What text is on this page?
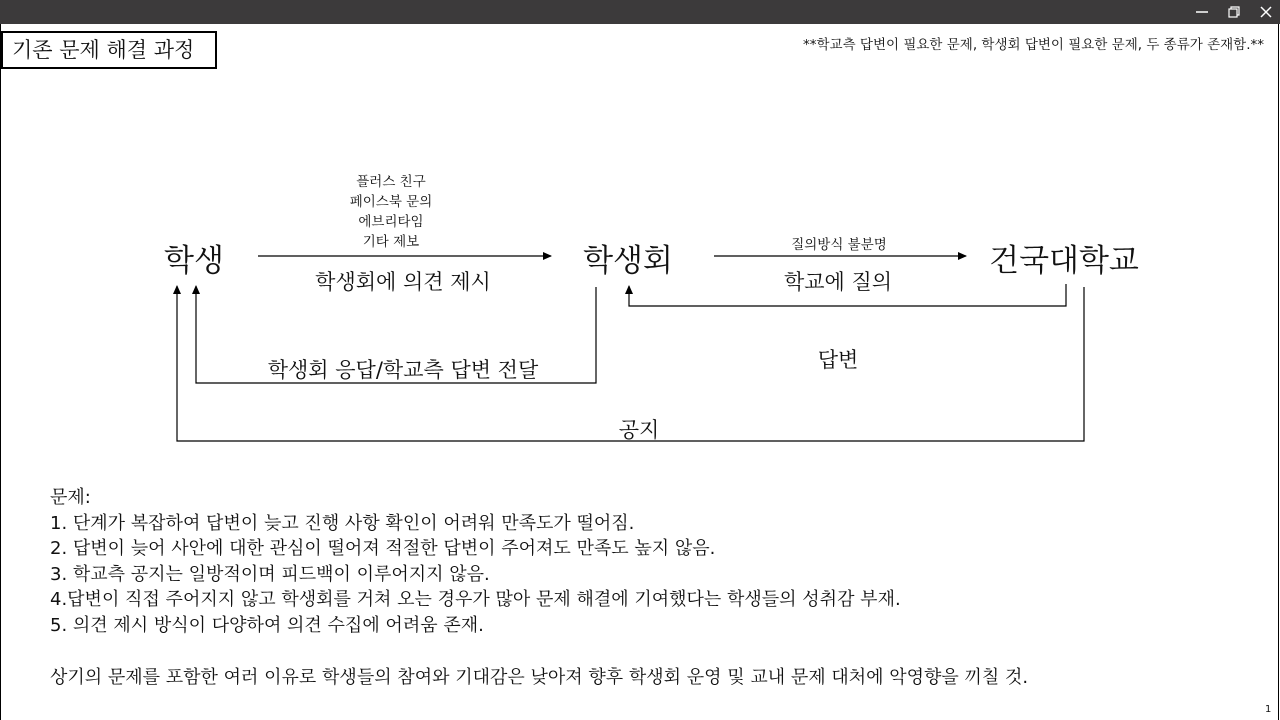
기존 문제 해결 과정	**학교측 답변이 필요한 문제, 학생회 답변이 필요한 문제, 두 종류가 존재함.**
학생	학생회	건국대학교
플러스 친구
페이스북 문의
에브리타임
기타 제보
학생회에 의견 제시
질의방식 불분명
학교에 질의
답변
학생회 응답/학교측 답변 전달
공지
문제:
1. 단계가 복잡하여 답변이 늦고 진행 사항 확인이 어려워 만족도가 떨어짐.
2. 답변이 늦어 사안에 대한 관심이 떨어져 적절한 답변이 주어져도 만족도 높지 않음.
3. 학교측 공지는 일방적이며 피드백이 이루어지지 않음.
4.답변이 직접 주어지지 않고 학생회를 거쳐 오는 경우가 많아 문제 해결에 기여했다는 학생들의 성취감 부재.
5. 의견 제시 방식이 다양하여 의견 수집에 어려움 존재.
상기의 문제를 포함한 여러 이유로 학생들의 참여와 기대감은 낮아져 향후 학생회 운영 및 교내 문제 대처에 악영향을 끼칠 것.
1
